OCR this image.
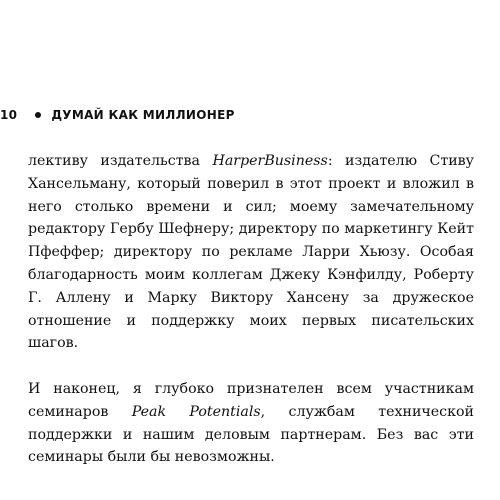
10	ДУМАЙ КАК МИЛЛИОНЕР

лективу издательства HarperBusiness: издателю Стиву Хансельману, который поверил в этот проект и вложил в него столько времени и сил; моему замечательному редактору Гербу Шефнеру; директору по маркетингу Кейт Пфеффер; директору по рекламе Ларри Хьюзу. Особая благодарность моим коллегам Джеку Кэнфилду, Роберту Г. Аллену и Марку Виктору Хансену за дружеское отношение и поддержку моих первых писательских шагов.

И наконец, я глубоко признателен всем участникам семинаров Peak Potentials, службам технической поддержки и нашим деловым партнерам. Без вас эти семинары были бы невозможны.
